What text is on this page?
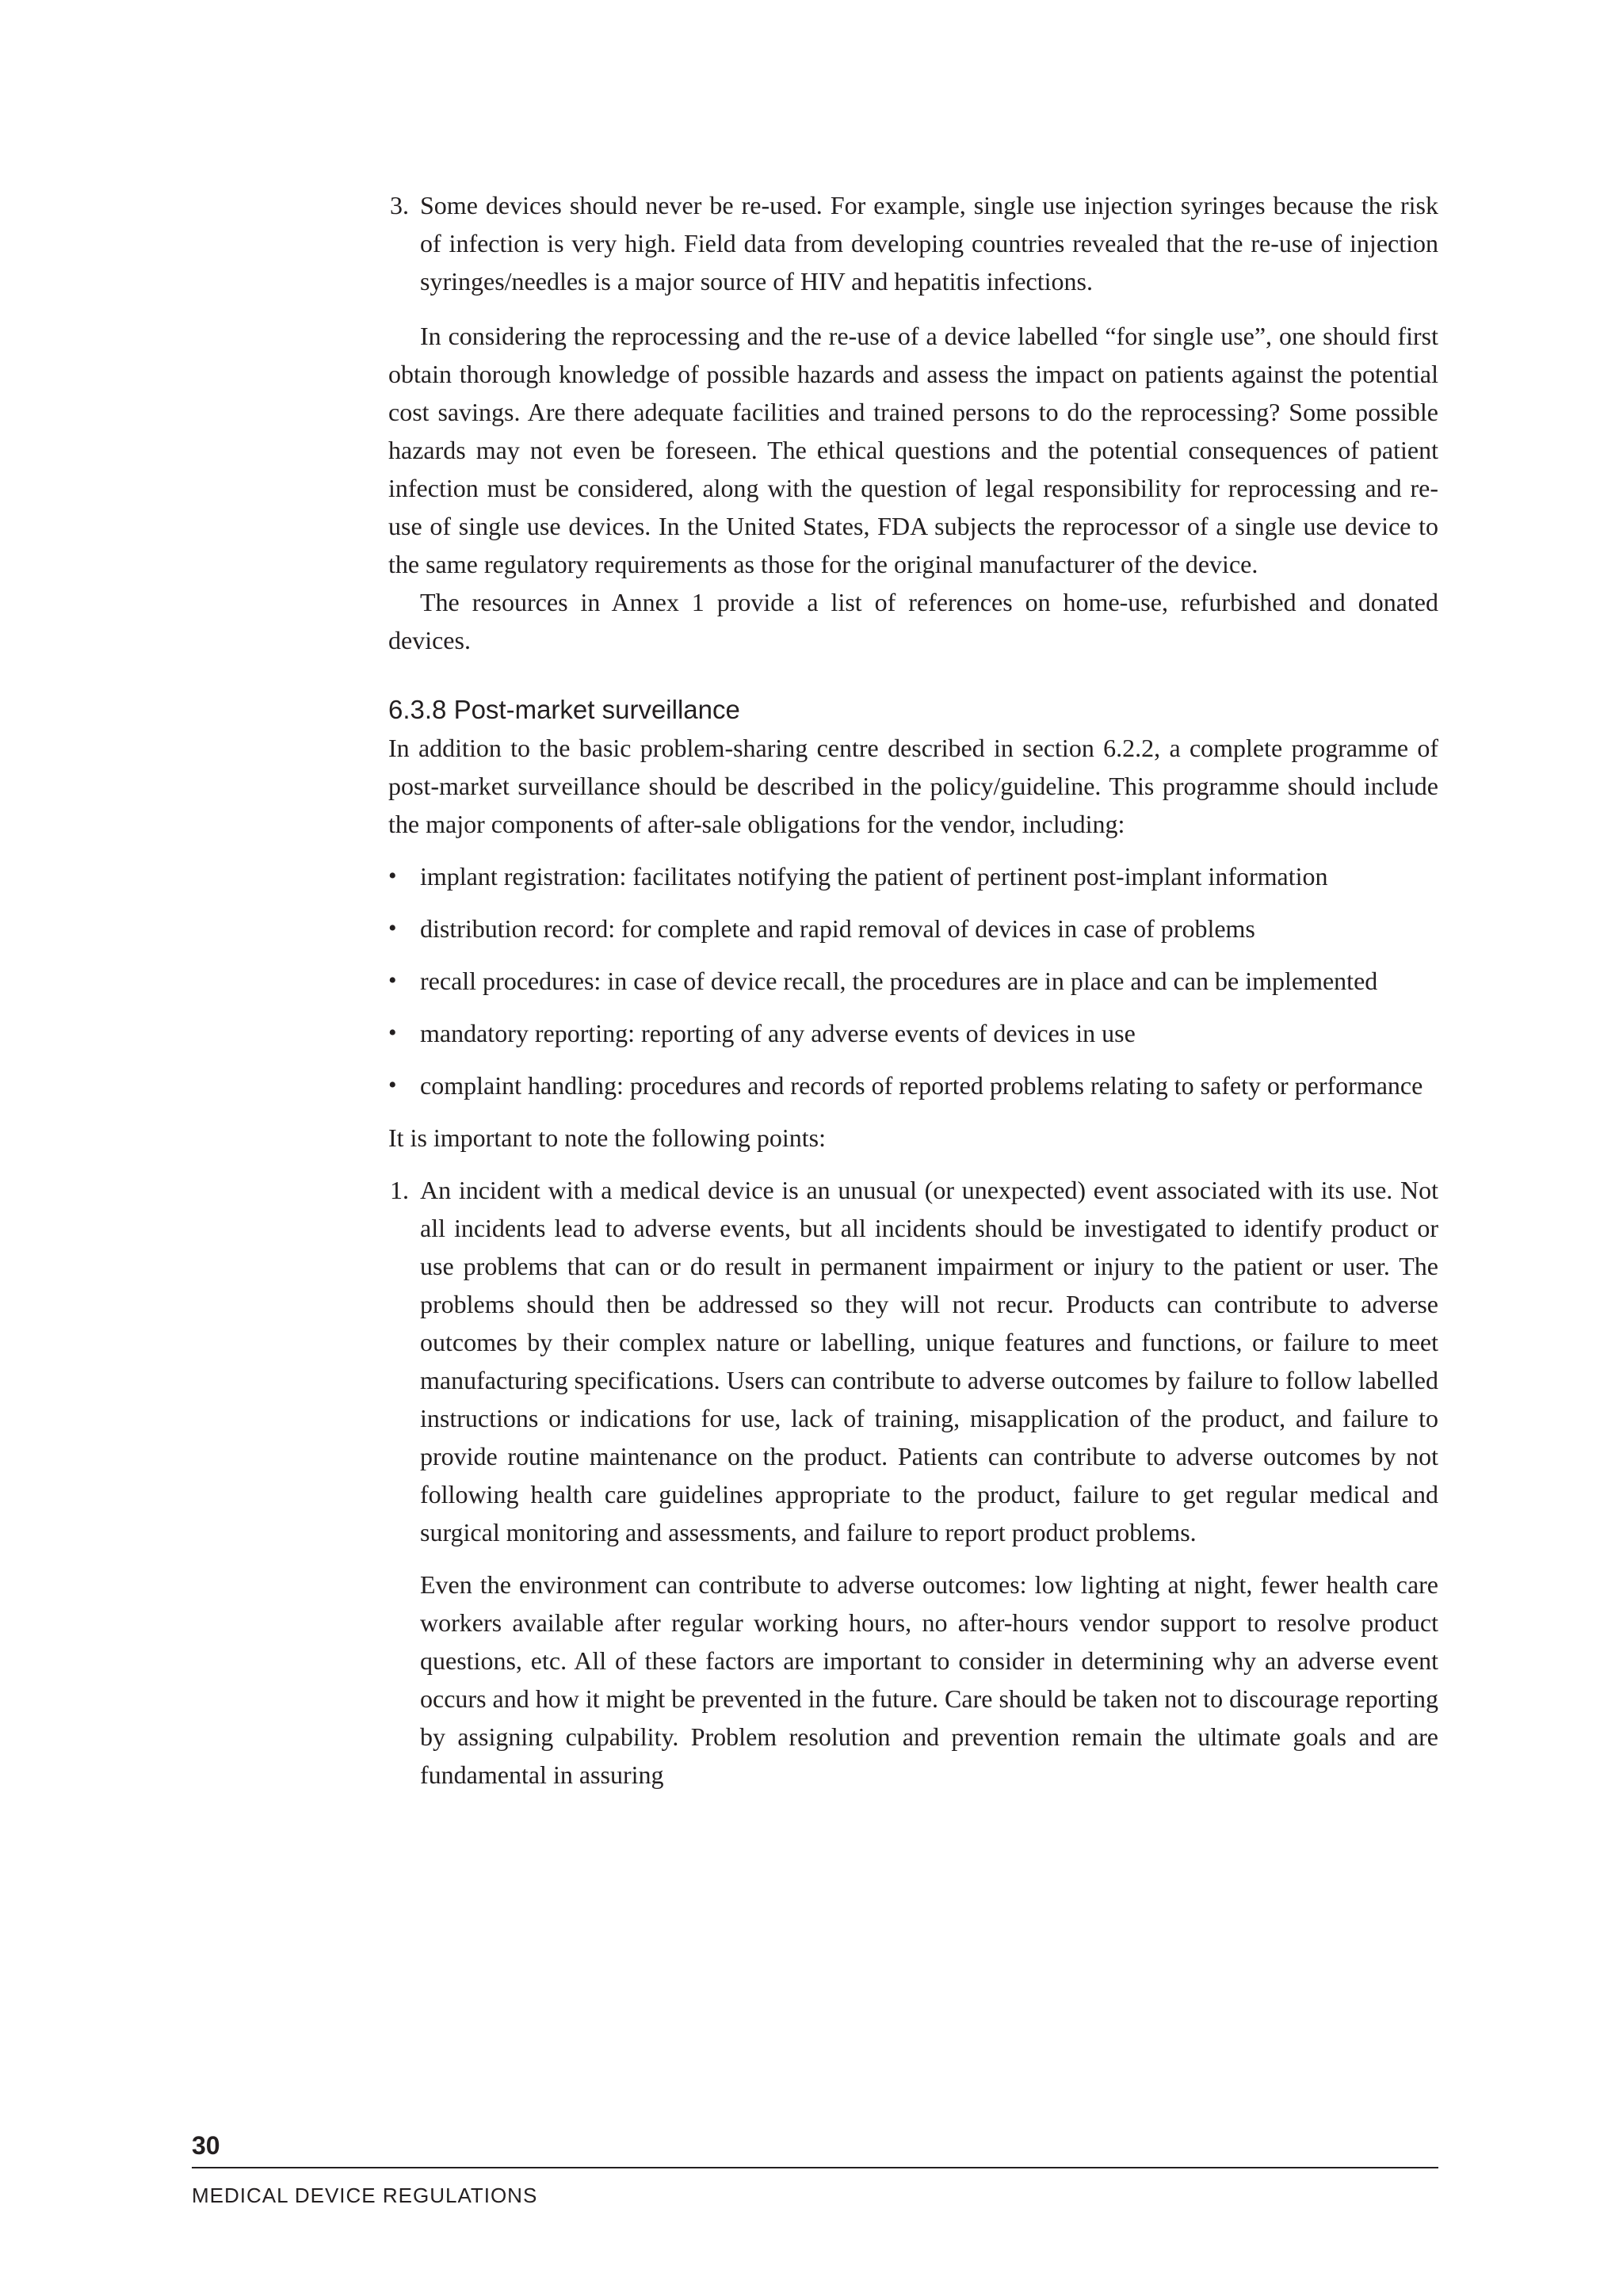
3. Some devices should never be re-used. For example, single use injection syringes because the risk of infection is very high. Field data from developing countries revealed that the re-use of injection syringes/needles is a major source of HIV and hepatitis infections.

In considering the reprocessing and the re-use of a device labelled “for single use”, one should first obtain thorough knowledge of possible hazards and assess the impact on patients against the potential cost savings. Are there adequate facilities and trained persons to do the reprocessing? Some possible hazards may not even be foreseen. The ethical questions and the potential consequences of patient infection must be considered, along with the question of legal responsibility for reprocessing and re-use of single use devices. In the United States, FDA subjects the reprocessor of a single use device to the same regulatory requirements as those for the original manufacturer of the device.

The resources in Annex 1 provide a list of references on home-use, refurbished and donated devices.

6.3.8 Post-market surveillance

In addition to the basic problem-sharing centre described in section 6.2.2, a complete programme of post-market surveillance should be described in the policy/guideline. This programme should include the major components of after-sale obligations for the vendor, including:

• implant registration: facilitates notifying the patient of pertinent post-implant information

• distribution record: for complete and rapid removal of devices in case of problems

• recall procedures: in case of device recall, the procedures are in place and can be implemented

• mandatory reporting: reporting of any adverse events of devices in use

• complaint handling: procedures and records of reported problems relating to safety or performance

It is important to note the following points:

1. An incident with a medical device is an unusual (or unexpected) event associated with its use. Not all incidents lead to adverse events, but all incidents should be investigated to identify product or use problems that can or do result in permanent impairment or injury to the patient or user. The problems should then be addressed so they will not recur. Products can contribute to adverse outcomes by their complex nature or labelling, unique features and functions, or failure to meet manufacturing specifications. Users can contribute to adverse outcomes by failure to follow labelled instructions or indications for use, lack of training, misapplication of the product, and failure to provide routine maintenance on the product. Patients can contribute to adverse outcomes by not following health care guidelines appropriate to the product, failure to get regular medical and surgical monitoring and assessments, and failure to report product problems.

Even the environment can contribute to adverse outcomes: low lighting at night, fewer health care workers available after regular working hours, no after-hours vendor support to resolve product questions, etc. All of these factors are important to consider in determining why an adverse event occurs and how it might be prevented in the future. Care should be taken not to discourage reporting by assigning culpability. Problem resolution and prevention remain the ultimate goals and are fundamental in assuring

30
MEDICAL DEVICE REGULATIONS
